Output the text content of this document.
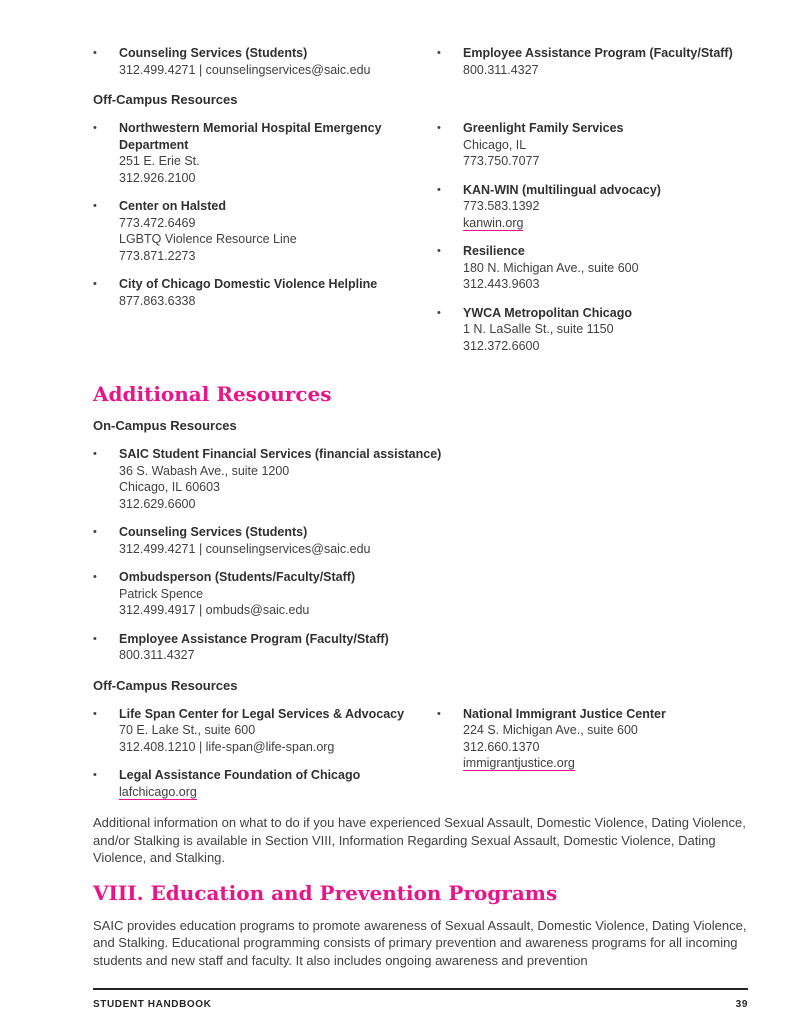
•	Counseling Services (Students)
312.499.4271 | counselingservices@saic.edu
Off-Campus Resources
•	Northwestern Memorial Hospital Emergency Department
251 E. Erie St.
312.926.2100
•	Center on Halsted
773.472.6469
LGBTQ Violence Resource Line
773.871.2273
•	City of Chicago Domestic Violence Helpline
877.863.6338
•	Employee Assistance Program (Faculty/Staff)
800.311.4327
•	Greenlight Family Services
Chicago, IL
773.750.7077
•	KAN-WIN (multilingual advocacy)
773.583.1392
kanwin.org
•	Resilience
180 N. Michigan Ave., suite 600
312.443.9603
•	YWCA Metropolitan Chicago
1 N. LaSalle St., suite 1150
312.372.6600
Additional Resources
On-Campus Resources
•	SAIC Student Financial Services (financial assistance)
36 S. Wabash Ave., suite 1200
Chicago, IL 60603
312.629.6600
•	Counseling Services (Students)
312.499.4271 | counselingservices@saic.edu
•	Ombudsperson (Students/Faculty/Staff)
Patrick Spence
312.499.4917 | ombuds@saic.edu
•	Employee Assistance Program (Faculty/Staff)
800.311.4327
Off-Campus Resources
•	Life Span Center for Legal Services & Advocacy
70 E. Lake St., suite 600
312.408.1210 | life-span@life-span.org
•	Legal Assistance Foundation of Chicago
lafchicago.org
•	National Immigrant Justice Center
224 S. Michigan Ave., suite 600
312.660.1370
immigrantjustice.org

Additional information on what to do if you have experienced Sexual Assault, Domestic Violence, Dating Violence, and/or Stalking is available in Section VIII, Information Regarding Sexual Assault, Domestic Violence, Dating Violence, and Stalking.

VIII. Education and Prevention Programs

SAIC provides education programs to promote awareness of Sexual Assault, Domestic Violence, Dating Violence, and Stalking. Educational programming consists of primary prevention and awareness programs for all incoming students and new staff and faculty. It also includes ongoing awareness and prevention

STUDENT HANDBOOK	39
